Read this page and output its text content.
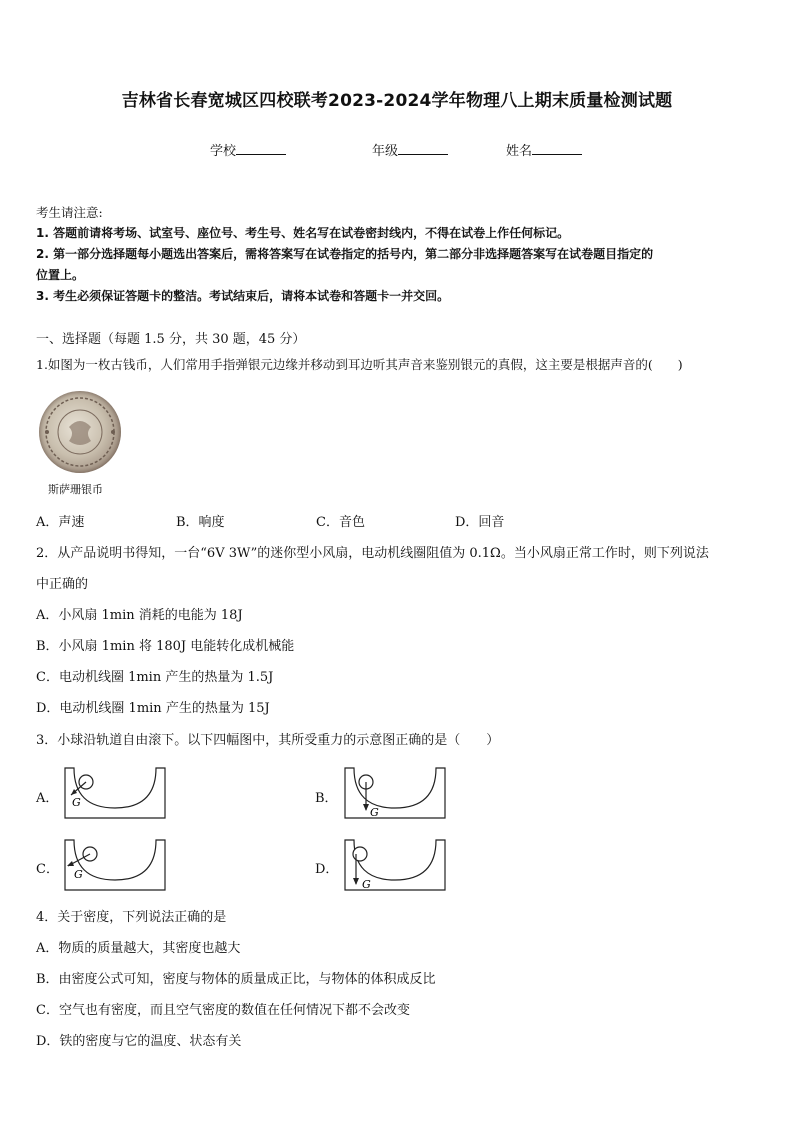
吉林省长春宽城区四校联考2023-2024学年物理八上期末质量检测试题
学校	年级	姓名
考生请注意:
1. 答题前请将考场、试室号、座位号、考生号、姓名写在试卷密封线内，不得在试卷上作任何标记。
2. 第一部分选择题每小题选出答案后，需将答案写在试卷指定的括号内，第二部分非选择题答案写在试卷题目指定的
位置上。
3. 考生必须保证答题卡的整洁。考试结束后，请将本试卷和答题卡一并交回。
一、选择题（每题 1.5 分，共 30 题，45 分）
1.如图为一枚古钱币，人们常用手指弹银元边缘并移动到耳边听其声音来鉴别银元的真假，这主要是根据声音的(　　)
斯萨珊银币
A．声速	B．响度	C．音色	D．回音
2．从产品说明书得知，一台“6V 3W”的迷你型小风扇，电动机线圈阻值为 0.1Ω。当小风扇正常工作时，则下列说法
中正确的
A．小风扇 1min 消耗的电能为 18J
B．小风扇 1min 将 180J 电能转化成机械能
C．电动机线圈 1min 产生的热量为 1.5J
D．电动机线圈 1min 产生的热量为 15J
3．小球沿轨道自由滚下。以下四幅图中，其所受重力的示意图正确的是（　　）
A． G	B．
G
C． G	D．
G
4．关于密度，下列说法正确的是
A．物质的质量越大，其密度也越大
B．由密度公式可知，密度与物体的质量成正比，与物体的体积成反比
C．空气也有密度，而且空气密度的数值在任何情况下都不会改变
D．铁的密度与它的温度、状态有关
